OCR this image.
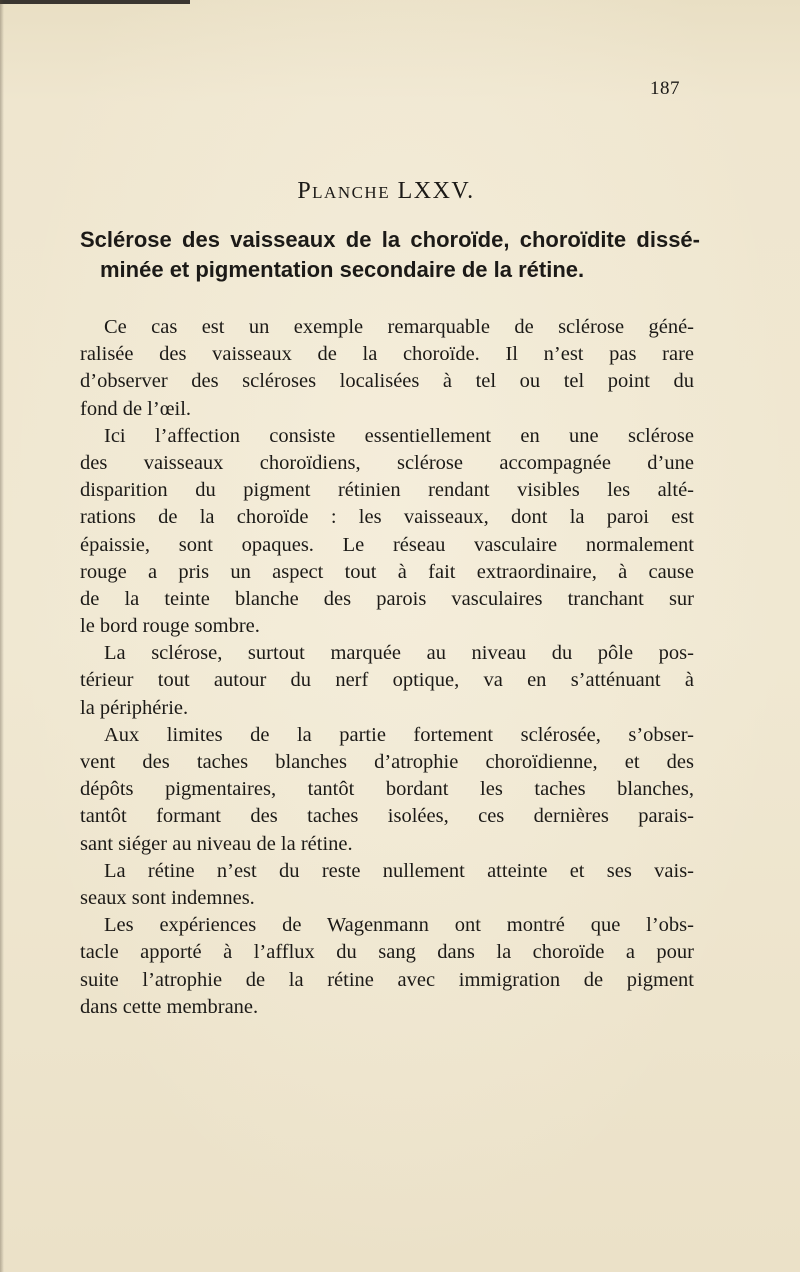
187
Planche LXXV.
Sclérose des vaisseaux de la choroïde, choroïdite dissé-
minée et pigmentation secondaire de la rétine.
Ce cas est un exemple remarquable de sclérose géné-
ralisée des vaisseaux de la choroïde. Il n’est pas rare
d’observer des scléroses localisées à tel ou tel point du
fond de l’œil.
Ici l’affection consiste essentiellement en une sclérose
des vaisseaux choroïdiens, sclérose accompagnée d’une
disparition du pigment rétinien rendant visibles les alté-
rations de la choroïde : les vaisseaux, dont la paroi est
épaissie, sont opaques. Le réseau vasculaire normalement
rouge a pris un aspect tout à fait extraordinaire, à cause
de la teinte blanche des parois vasculaires tranchant sur
le bord rouge sombre.
La sclérose, surtout marquée au niveau du pôle pos-
térieur tout autour du nerf optique, va en s’atténuant à
la périphérie.
Aux limites de la partie fortement sclérosée, s’obser-
vent des taches blanches d’atrophie choroïdienne, et des
dépôts pigmentaires, tantôt bordant les taches blanches,
tantôt formant des taches isolées, ces dernières parais-
sant siéger au niveau de la rétine.
La rétine n’est du reste nullement atteinte et ses vais-
seaux sont indemnes.
Les expériences de Wagenmann ont montré que l’obs-
tacle apporté à l’afflux du sang dans la choroïde a pour
suite l’atrophie de la rétine avec immigration de pigment
dans cette membrane.
